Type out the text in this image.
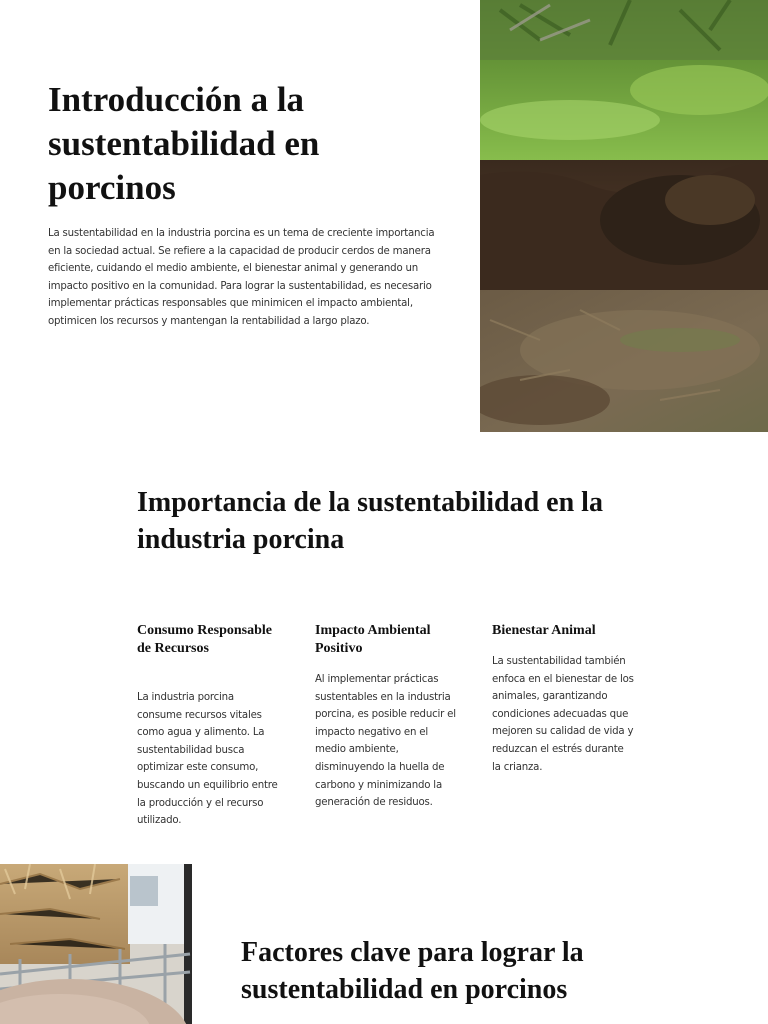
Introducción a la sustentabilidad en porcinos

La sustentabilidad en la industria porcina es un tema de creciente importancia en la sociedad actual. Se refiere a la capacidad de producir cerdos de manera eficiente, cuidando el medio ambiente, el bienestar animal y generando un impacto positivo en la comunidad. Para lograr la sustentabilidad, es necesario implementar prácticas responsables que minimicen el impacto ambiental, optimicen los recursos y mantengan la rentabilidad a largo plazo.

Importancia de la sustentabilidad en la industria porcina
Consumo Responsable de Recursos

La industria porcina consume recursos vitales como agua y alimento. La sustentabilidad busca optimizar este consumo, buscando un equilibrio entre la producción y el recurso utilizado.

Impacto Ambiental Positivo

Al implementar prácticas sustentables en la industria porcina, es posible reducir el impacto negativo en el medio ambiente, disminuyendo la huella de carbono y minimizando la generación de residuos.

Bienestar Animal

La sustentabilidad también enfoca en el bienestar de los animales, garantizando condiciones adecuadas que mejoren su calidad de vida y reduzcan el estrés durante la crianza.

Factores clave para lograr la sustentabilidad en porcinos
